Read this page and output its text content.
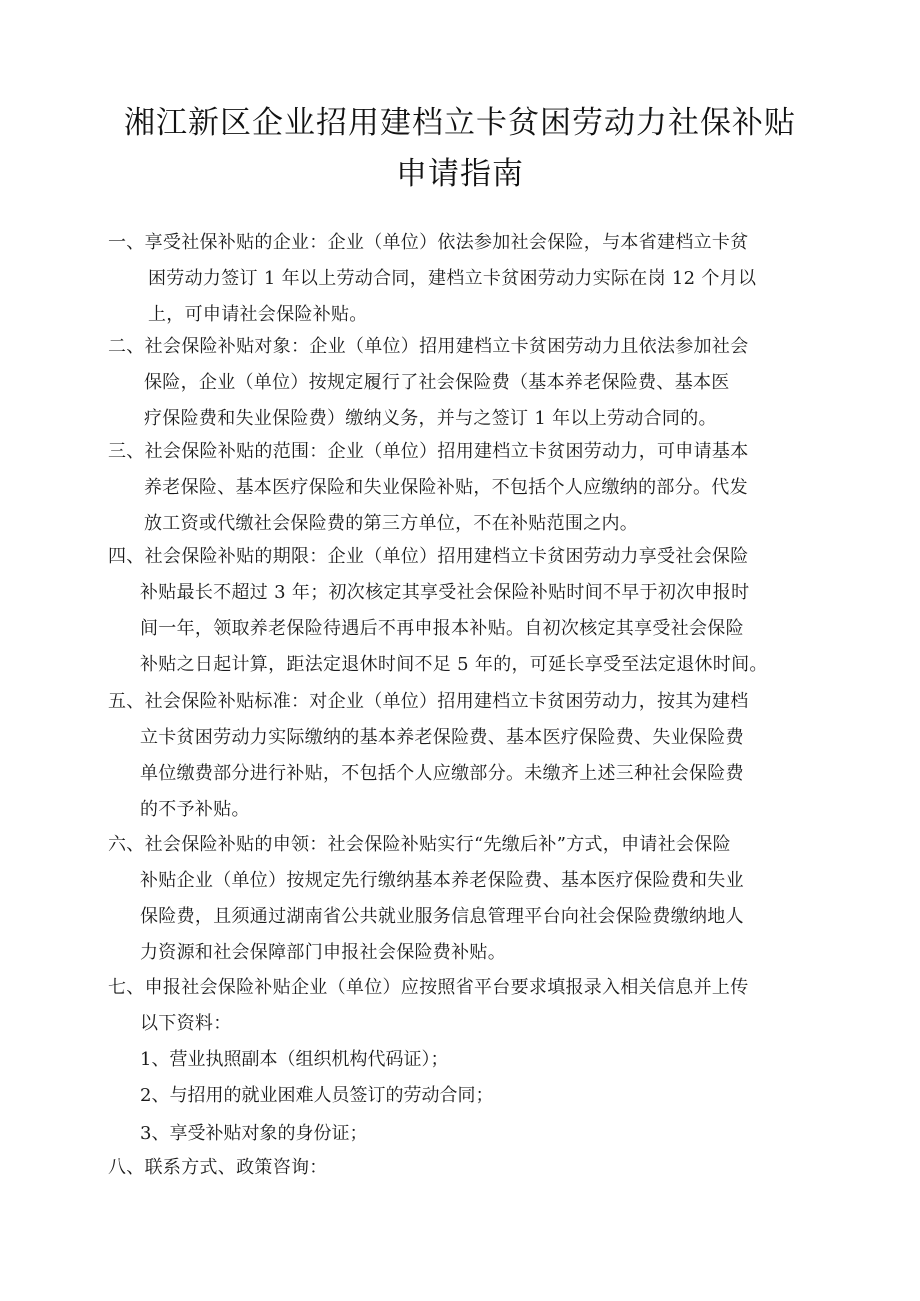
湘江新区企业招用建档立卡贫困劳动力社保补贴
申请指南
一、享受社保补贴的企业：企业（单位）依法参加社会保险，与本省建档立卡贫
困劳动力签订 1 年以上劳动合同，建档立卡贫困劳动力实际在岗 12 个月以
上，可申请社会保险补贴。
二、社会保险补贴对象：企业（单位）招用建档立卡贫困劳动力且依法参加社会
保险，企业（单位）按规定履行了社会保险费（基本养老保险费、基本医
疗保险费和失业保险费）缴纳义务，并与之签订 1 年以上劳动合同的。
三、社会保险补贴的范围：企业（单位）招用建档立卡贫困劳动力，可申请基本
养老保险、基本医疗保险和失业保险补贴，不包括个人应缴纳的部分。代发
放工资或代缴社会保险费的第三方单位，不在补贴范围之内。
四、社会保险补贴的期限：企业（单位）招用建档立卡贫困劳动力享受社会保险
补贴最长不超过 3 年；初次核定其享受社会保险补贴时间不早于初次申报时
间一年，领取养老保险待遇后不再申报本补贴。自初次核定其享受社会保险
补贴之日起计算，距法定退休时间不足 5 年的，可延长享受至法定退休时间。
五、社会保险补贴标准：对企业（单位）招用建档立卡贫困劳动力，按其为建档
立卡贫困劳动力实际缴纳的基本养老保险费、基本医疗保险费、失业保险费
单位缴费部分进行补贴，不包括个人应缴部分。未缴齐上述三种社会保险费
的不予补贴。
六、社会保险补贴的申领：社会保险补贴实行“先缴后补”方式，申请社会保险
补贴企业（单位）按规定先行缴纳基本养老保险费、基本医疗保险费和失业
保险费，且须通过湖南省公共就业服务信息管理平台向社会保险费缴纳地人
力资源和社会保障部门申报社会保险费补贴。
七、申报社会保险补贴企业（单位）应按照省平台要求填报录入相关信息并上传
以下资料：
1、营业执照副本（组织机构代码证）；
2、与招用的就业困难人员签订的劳动合同；
3、享受补贴对象的身份证；
八、联系方式、政策咨询：
